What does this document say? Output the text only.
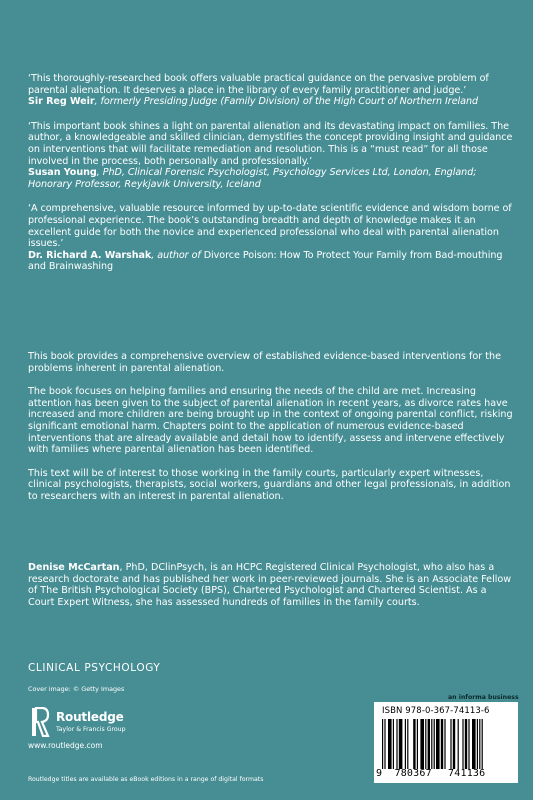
‘This thoroughly-researched book offers valuable practical guidance on the pervasive problem of parental alienation. It deserves a place in the library of every family practitioner and judge.’
Sir Reg Weir, formerly Presiding Judge (Family Division) of the High Court of Northern Ireland
‘This important book shines a light on parental alienation and its devastating impact on families. The author, a knowledgeable and skilled clinician, demystifies the concept providing insight and guidance on interventions that will facilitate remediation and resolution. This is a “must read” for all those involved in the process, both personally and professionally.’
Susan Young, PhD, Clinical Forensic Psychologist, Psychology Services Ltd, London, England; Honorary Professor, Reykjavik University, Iceland
‘A comprehensive, valuable resource informed by up-to-date scientific evidence and wisdom borne of professional experience. The book’s outstanding breadth and depth of knowledge makes it an excellent guide for both the novice and experienced professional who deal with parental alienation issues.’
Dr. Richard A. Warshak, author of Divorce Poison: How To Protect Your Family from Bad-mouthing and Brainwashing

This book provides a comprehensive overview of established evidence-based interventions for the problems inherent in parental alienation.

The book focuses on helping families and ensuring the needs of the child are met. Increasing attention has been given to the subject of parental alienation in recent years, as divorce rates have increased and more children are being brought up in the context of ongoing parental conflict, risking significant emotional harm. Chapters point to the application of numerous evidence-based interventions that are already available and detail how to identify, assess and intervene effectively with families where parental alienation has been identified.

This text will be of interest to those working in the family courts, particularly expert witnesses, clinical psychologists, therapists, social workers, guardians and other legal professionals, in addition to researchers with an interest in parental alienation.

Denise McCartan, PhD, DClinPsych, is an HCPC Registered Clinical Psychologist, who also has a research doctorate and has published her work in peer-reviewed journals. She is an Associate Fellow of The British Psychological Society (BPS), Chartered Psychologist and Chartered Scientist. As a Court Expert Witness, she has assessed hundreds of families in the family courts.
CLINICAL PSYCHOLOGY
Cover image: © Getty Images
Routledge
Taylor & Francis Group
www.routledge.com
Routledge titles are available as eBook editions in a range of digital formats
an informa business
ISBN 978-0-367-74113-6
9 780367 741136
